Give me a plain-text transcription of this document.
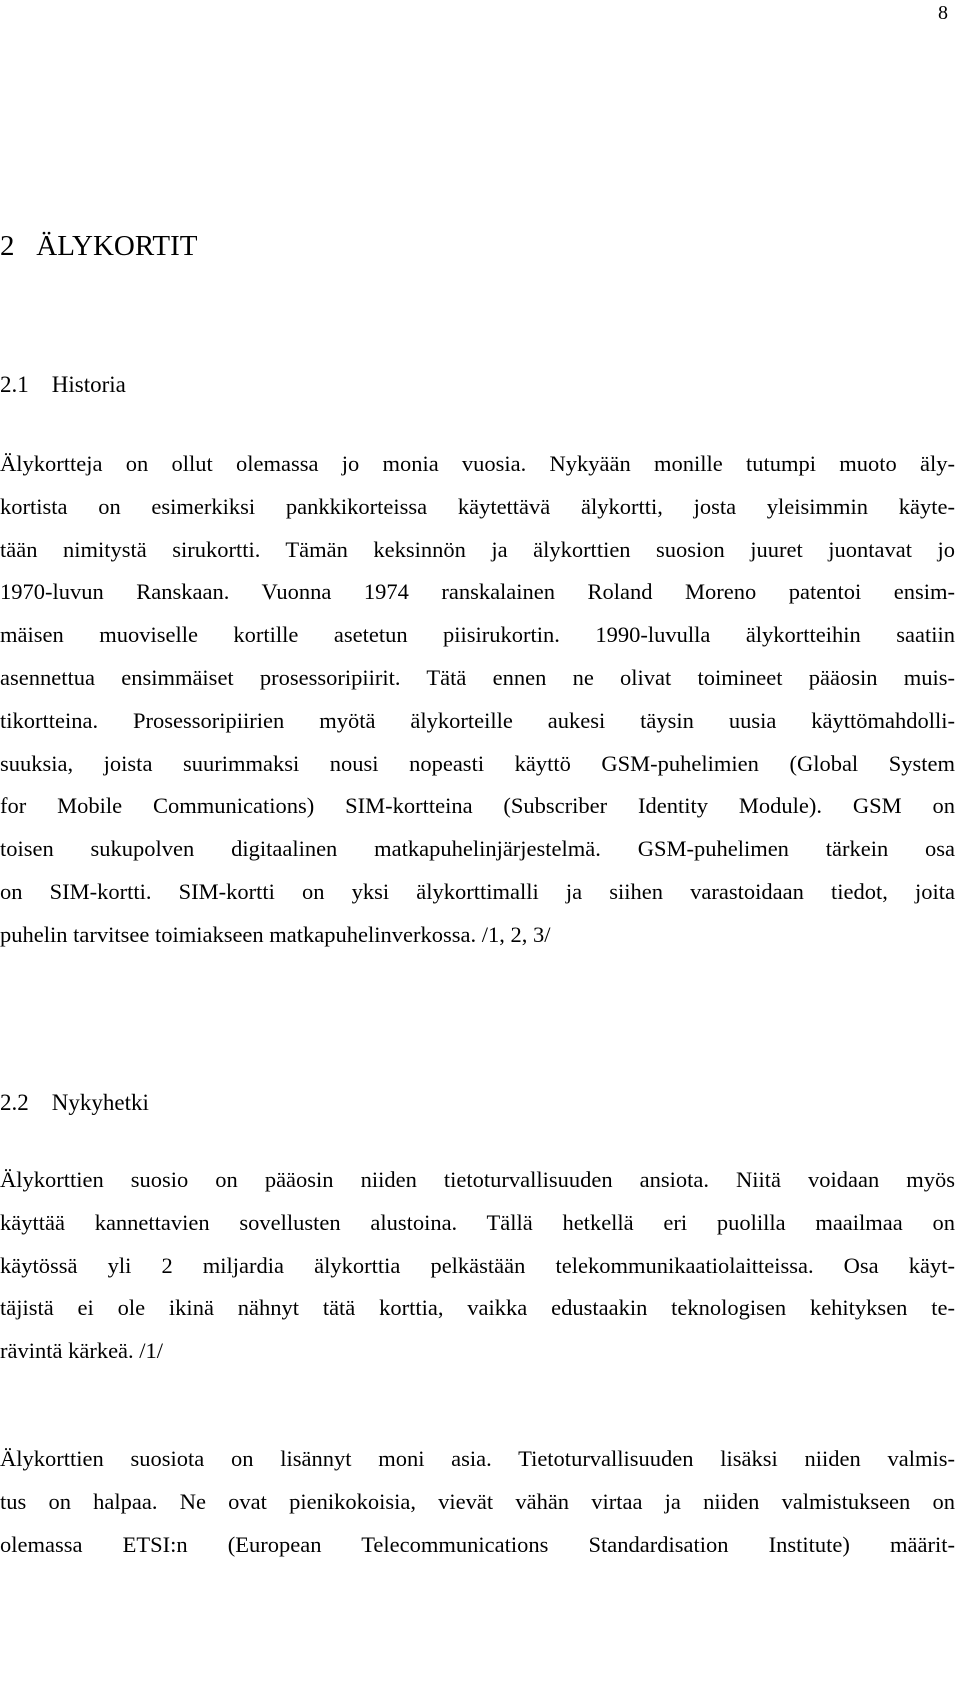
8
2   ÄLYKORTIT
2.1    Historia
Älykortteja on ollut olemassa jo monia vuosia. Nykyään monille tutumpi muoto äly-
kortista on esimerkiksi pankkikorteissa käytettävä älykortti, josta yleisimmin käyte-
tään nimitystä sirukortti. Tämän keksinnön ja älykorttien suosion juuret juontavat jo
1970-luvun Ranskaan. Vuonna 1974 ranskalainen Roland Moreno patentoi ensim-
mäisen muoviselle kortille asetetun piisirukortin. 1990-luvulla älykortteihin saatiin
asennettua ensimmäiset prosessoripiirit. Tätä ennen ne olivat toimineet pääosin muis-
tikortteina. Prosessoripiirien myötä älykorteille aukesi täysin uusia käyttömahdolli-
suuksia, joista suurimmaksi nousi nopeasti käyttö GSM-puhelimien (Global System
for Mobile Communications) SIM-kortteina (Subscriber Identity Module). GSM on
toisen sukupolven digitaalinen matkapuhelinjärjestelmä. GSM-puhelimen tärkein osa
on SIM-kortti. SIM-kortti on yksi älykorttimalli ja siihen varastoidaan tiedot, joita
puhelin tarvitsee toimiakseen matkapuhelinverkossa. /1, 2, 3/
2.2    Nykyhetki
Älykorttien suosio on pääosin niiden tietoturvallisuuden ansiota. Niitä voidaan myös
käyttää kannettavien sovellusten alustoina. Tällä hetkellä eri puolilla maailmaa on
käytössä yli 2 miljardia älykorttia pelkästään telekommunikaatiolaitteissa. Osa käyt-
täjistä ei ole ikinä nähnyt tätä korttia, vaikka edustaakin teknologisen kehityksen te-
rävintä kärkeä. /1/
Älykorttien suosiota on lisännyt moni asia. Tietoturvallisuuden lisäksi niiden valmis-
tus on halpaa. Ne ovat pienikokoisia, vievät vähän virtaa ja niiden valmistukseen on
olemassa ETSI:n (European Telecommunications Standardisation Institute) määrit-
